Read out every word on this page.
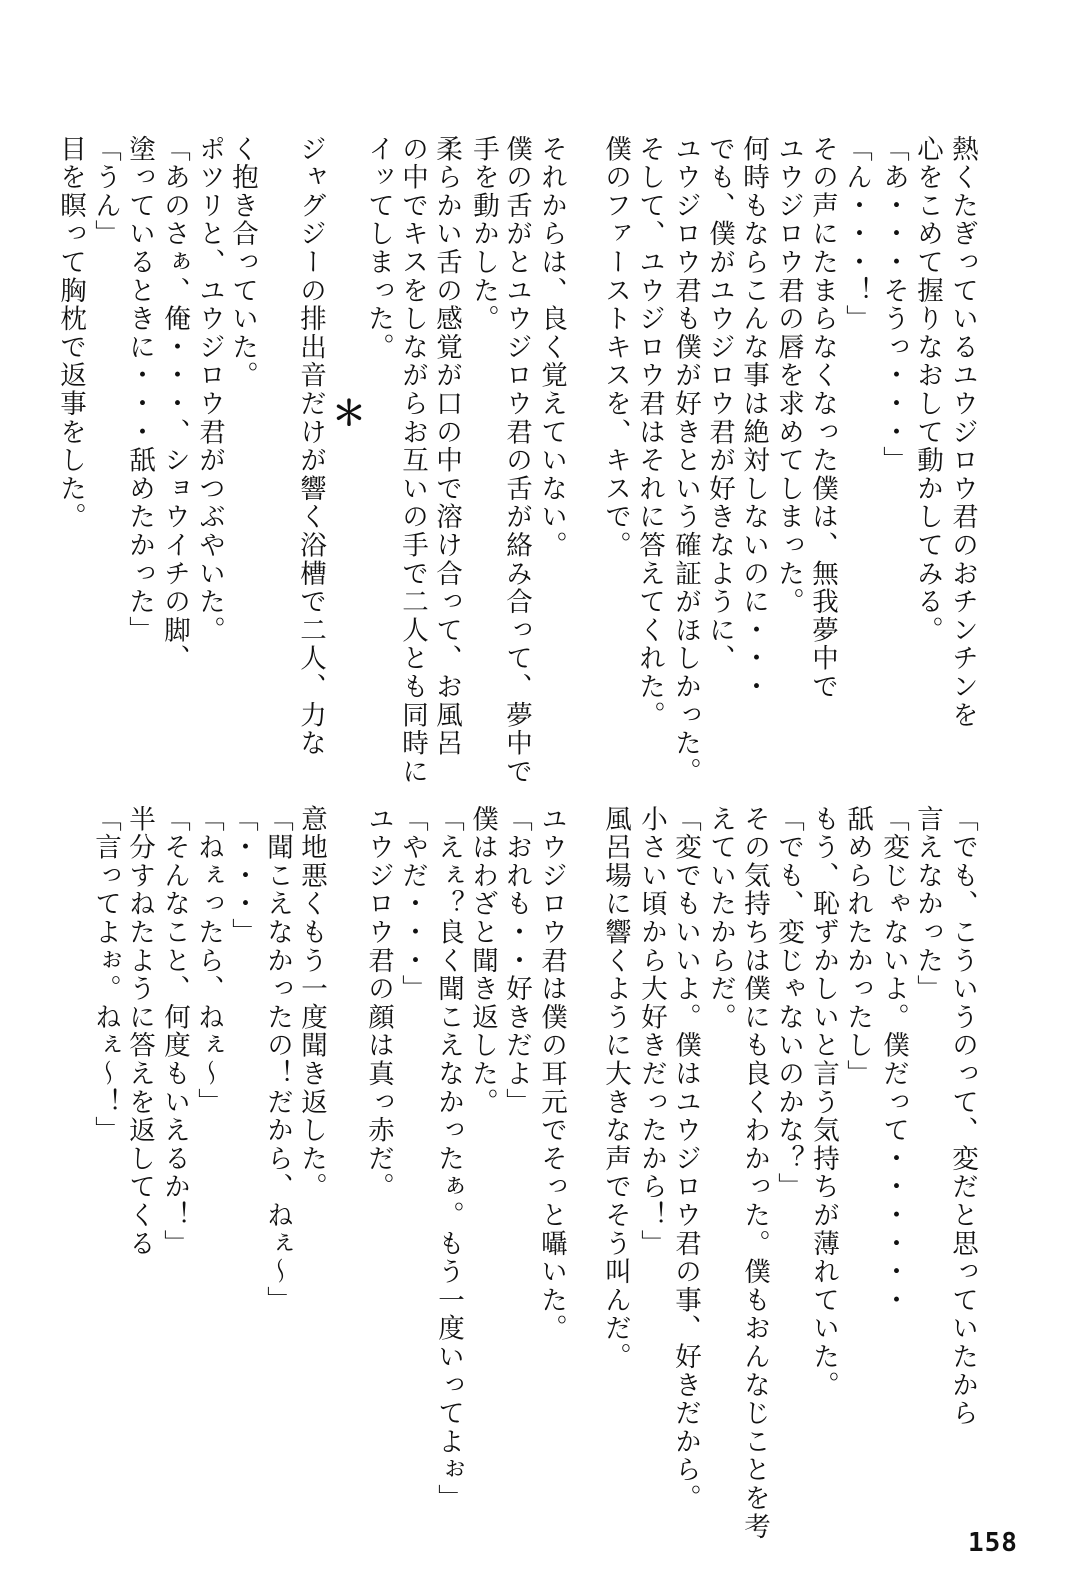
熱くたぎっているユウジロウ君のおチンチンを

心をこめて握りなおして動かしてみる。

「あ・・・そうっ・・・」

「ん・・・！」

その声にたまらなくなった僕は、無我夢中で

ユウジロウ君の唇を求めてしまった。

何時もならこんな事は絶対しないのに・・・

でも、僕がユウジロウ君が好きなように、

ユウジロウ君も僕が好きという確証がほしかった。

そして、ユウジロウ君はそれに答えてくれた。

僕のファーストキスを、キスで。

それからは、良く覚えていない。

僕の舌がとユウジロウ君の舌が絡み合って、夢中で

手を動かした。

柔らかい舌の感覚が口の中で溶け合って、お風呂

の中でキスをしながらお互いの手で二人とも同時に

イッてしまった。

ジャグジーの排出音だけが響く浴槽で二人、力な

く抱き合っていた。

ポツリと、ユウジロウ君がつぶやいた。

「あのさぁ、俺・・・、ショウイチの脚、

塗っているときに・・・舐めたかった」

「うん」

目を瞑って胸枕で返事をした。	＊

「でも、こういうのって、変だと思っていたから

言えなかった」

「変じゃないよ。僕だって・・・・・・

舐められたかったし」

もう、恥ずかしいと言う気持ちが薄れていた。

「でも、変じゃないのかな？」

その気持ちは僕にも良くわかった。僕もおんなじことを考

えていたからだ。

「変でもいいよ。僕はユウジロウ君の事、好きだから。

小さい頃から大好きだったから！」

風呂場に響くように大きな声でそう叫んだ。

ユウジロウ君は僕の耳元でそっと囁いた。

「おれも・・好きだよ」

僕はわざと聞き返した。

「えぇ？良く聞こえなかったぁ。もう一度いってよぉ」

「やだ・・・」

ユウジロウ君の顔は真っ赤だ。

意地悪くもう一度聞き返した。

「聞こえなかったの！だから、ねぇ～」

「・・・」

「ねぇったら、ねぇ～」

「そんなこと、何度もいえるか！」

半分すねたように答えを返してくる

「言ってよぉ。ねぇ～！」

158
